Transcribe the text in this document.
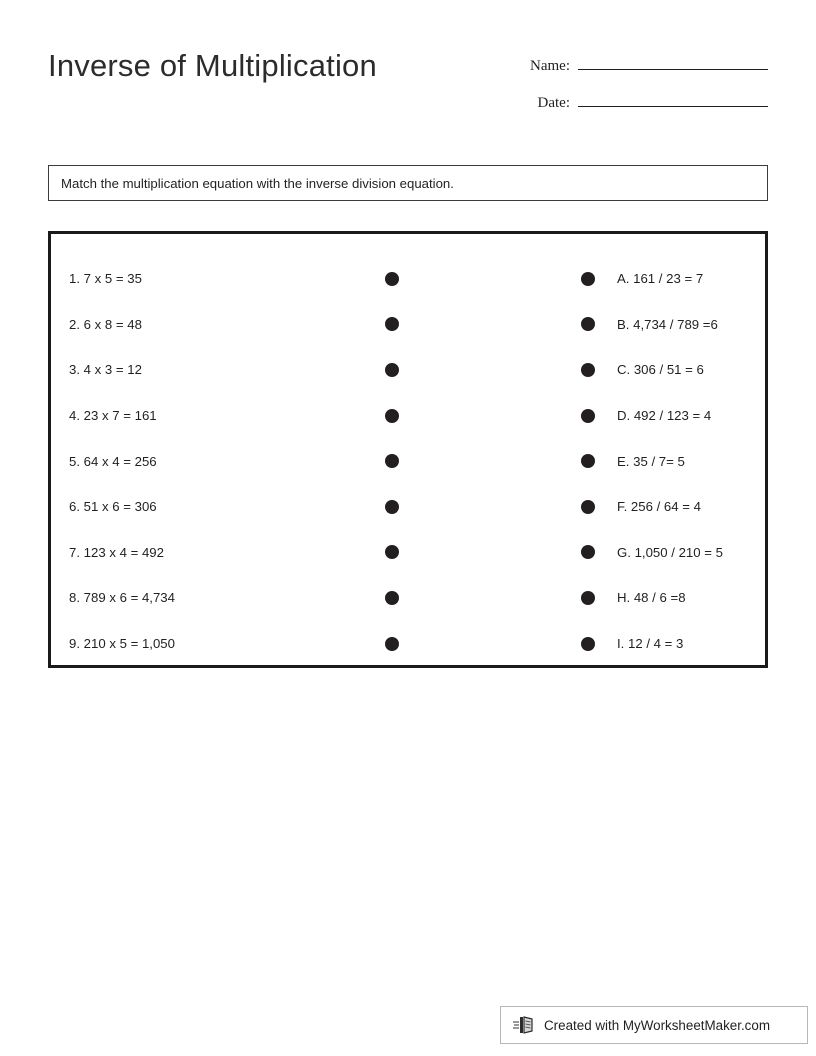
Inverse of Multiplication	Name:
Date:
Match the multiplication equation with the inverse division equation.
1. 7 x 5 = 35	A. 161 / 23 = 7
2. 6 x 8 = 48	B. 4,734 / 789 =6
3. 4 x 3 = 12	C. 306 / 51 = 6
4. 23 x 7 = 161	D. 492 / 123 = 4
5. 64 x 4 = 256	E. 35 / 7= 5
6. 51 x 6 = 306	F. 256 / 64 = 4
7. 123 x 4 = 492	G. 1,050 / 210 = 5
8. 789 x 6 = 4,734	H. 48 / 6 =8
9. 210 x 5 = 1,050	I. 12 / 4 = 3
Created with MyWorksheetMaker.com
